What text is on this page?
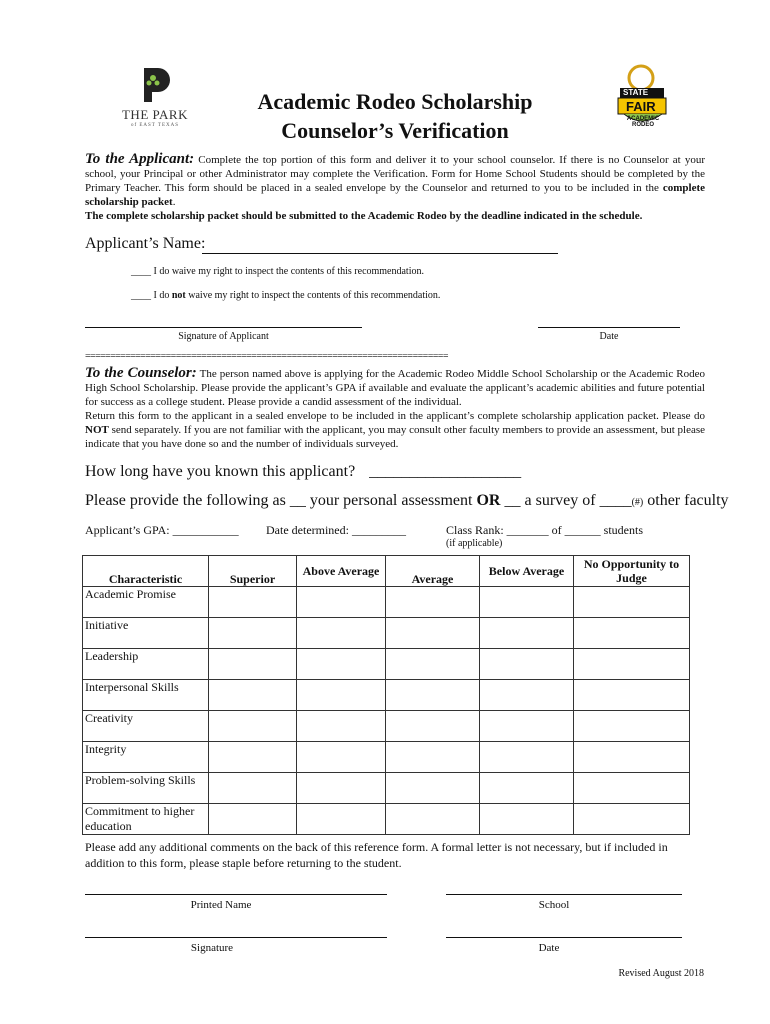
THE PARK
of EAST TEXAS
STATE
FAIR
ACADEMIC RODEO
Academic Rodeo Scholarship
Counselor’s Verification
To the Applicant: Complete the top portion of this form and deliver it to your school counselor. If there is no Counselor at your school, your Principal or other Administrator may complete the Verification. Form for Home School Students should be completed by the Primary Teacher. This form should be placed in a sealed envelope by the Counselor and returned to you to be included in the complete scholarship packet.
The complete scholarship packet should be submitted to the Academic Rodeo by the deadline indicated in the schedule.
Applicant’s Name:
____ I do waive my right to inspect the contents of this recommendation.
____ I do not waive my right to inspect the contents of this recommendation.
Signature of Applicant	Date
========================================================================
To the Counselor: The person named above is applying for the Academic Rodeo Middle School Scholarship or the Academic Rodeo High School Scholarship. Please provide the applicant’s GPA if available and evaluate the applicant’s academic abilities and future potential for success as a college student. Please provide a candid assessment of the individual.
Return this form to the applicant in a sealed envelope to be included in the applicant’s complete scholarship application packet. Please do NOT send separately. If you are not familiar with the applicant, you may consult other faculty members to provide an assessment, but please indicate that you have done so and the number of individuals surveyed.
How long have you known this applicant? ___________________
Please provide the following as __ your personal assessment OR __ a survey of ____(#) other faculty
Applicant’s GPA: ___________ Date determined: _________	Class Rank: _______ of ______ students
(if applicable)
Characteristic	Superior	Above Average	Average	Below Average	No Opportunity to Judge
Academic Promise					
Initiative					
Leadership					
Interpersonal Skills					
Creativity					
Integrity					
Problem-solving Skills					
Commitment to higher education					
Please add any additional comments on the back of this reference form. A formal letter is not necessary, but if included in addition to this form, please staple before returning to the student.
Printed Name	School
Signature	Date
Revised August 2018
